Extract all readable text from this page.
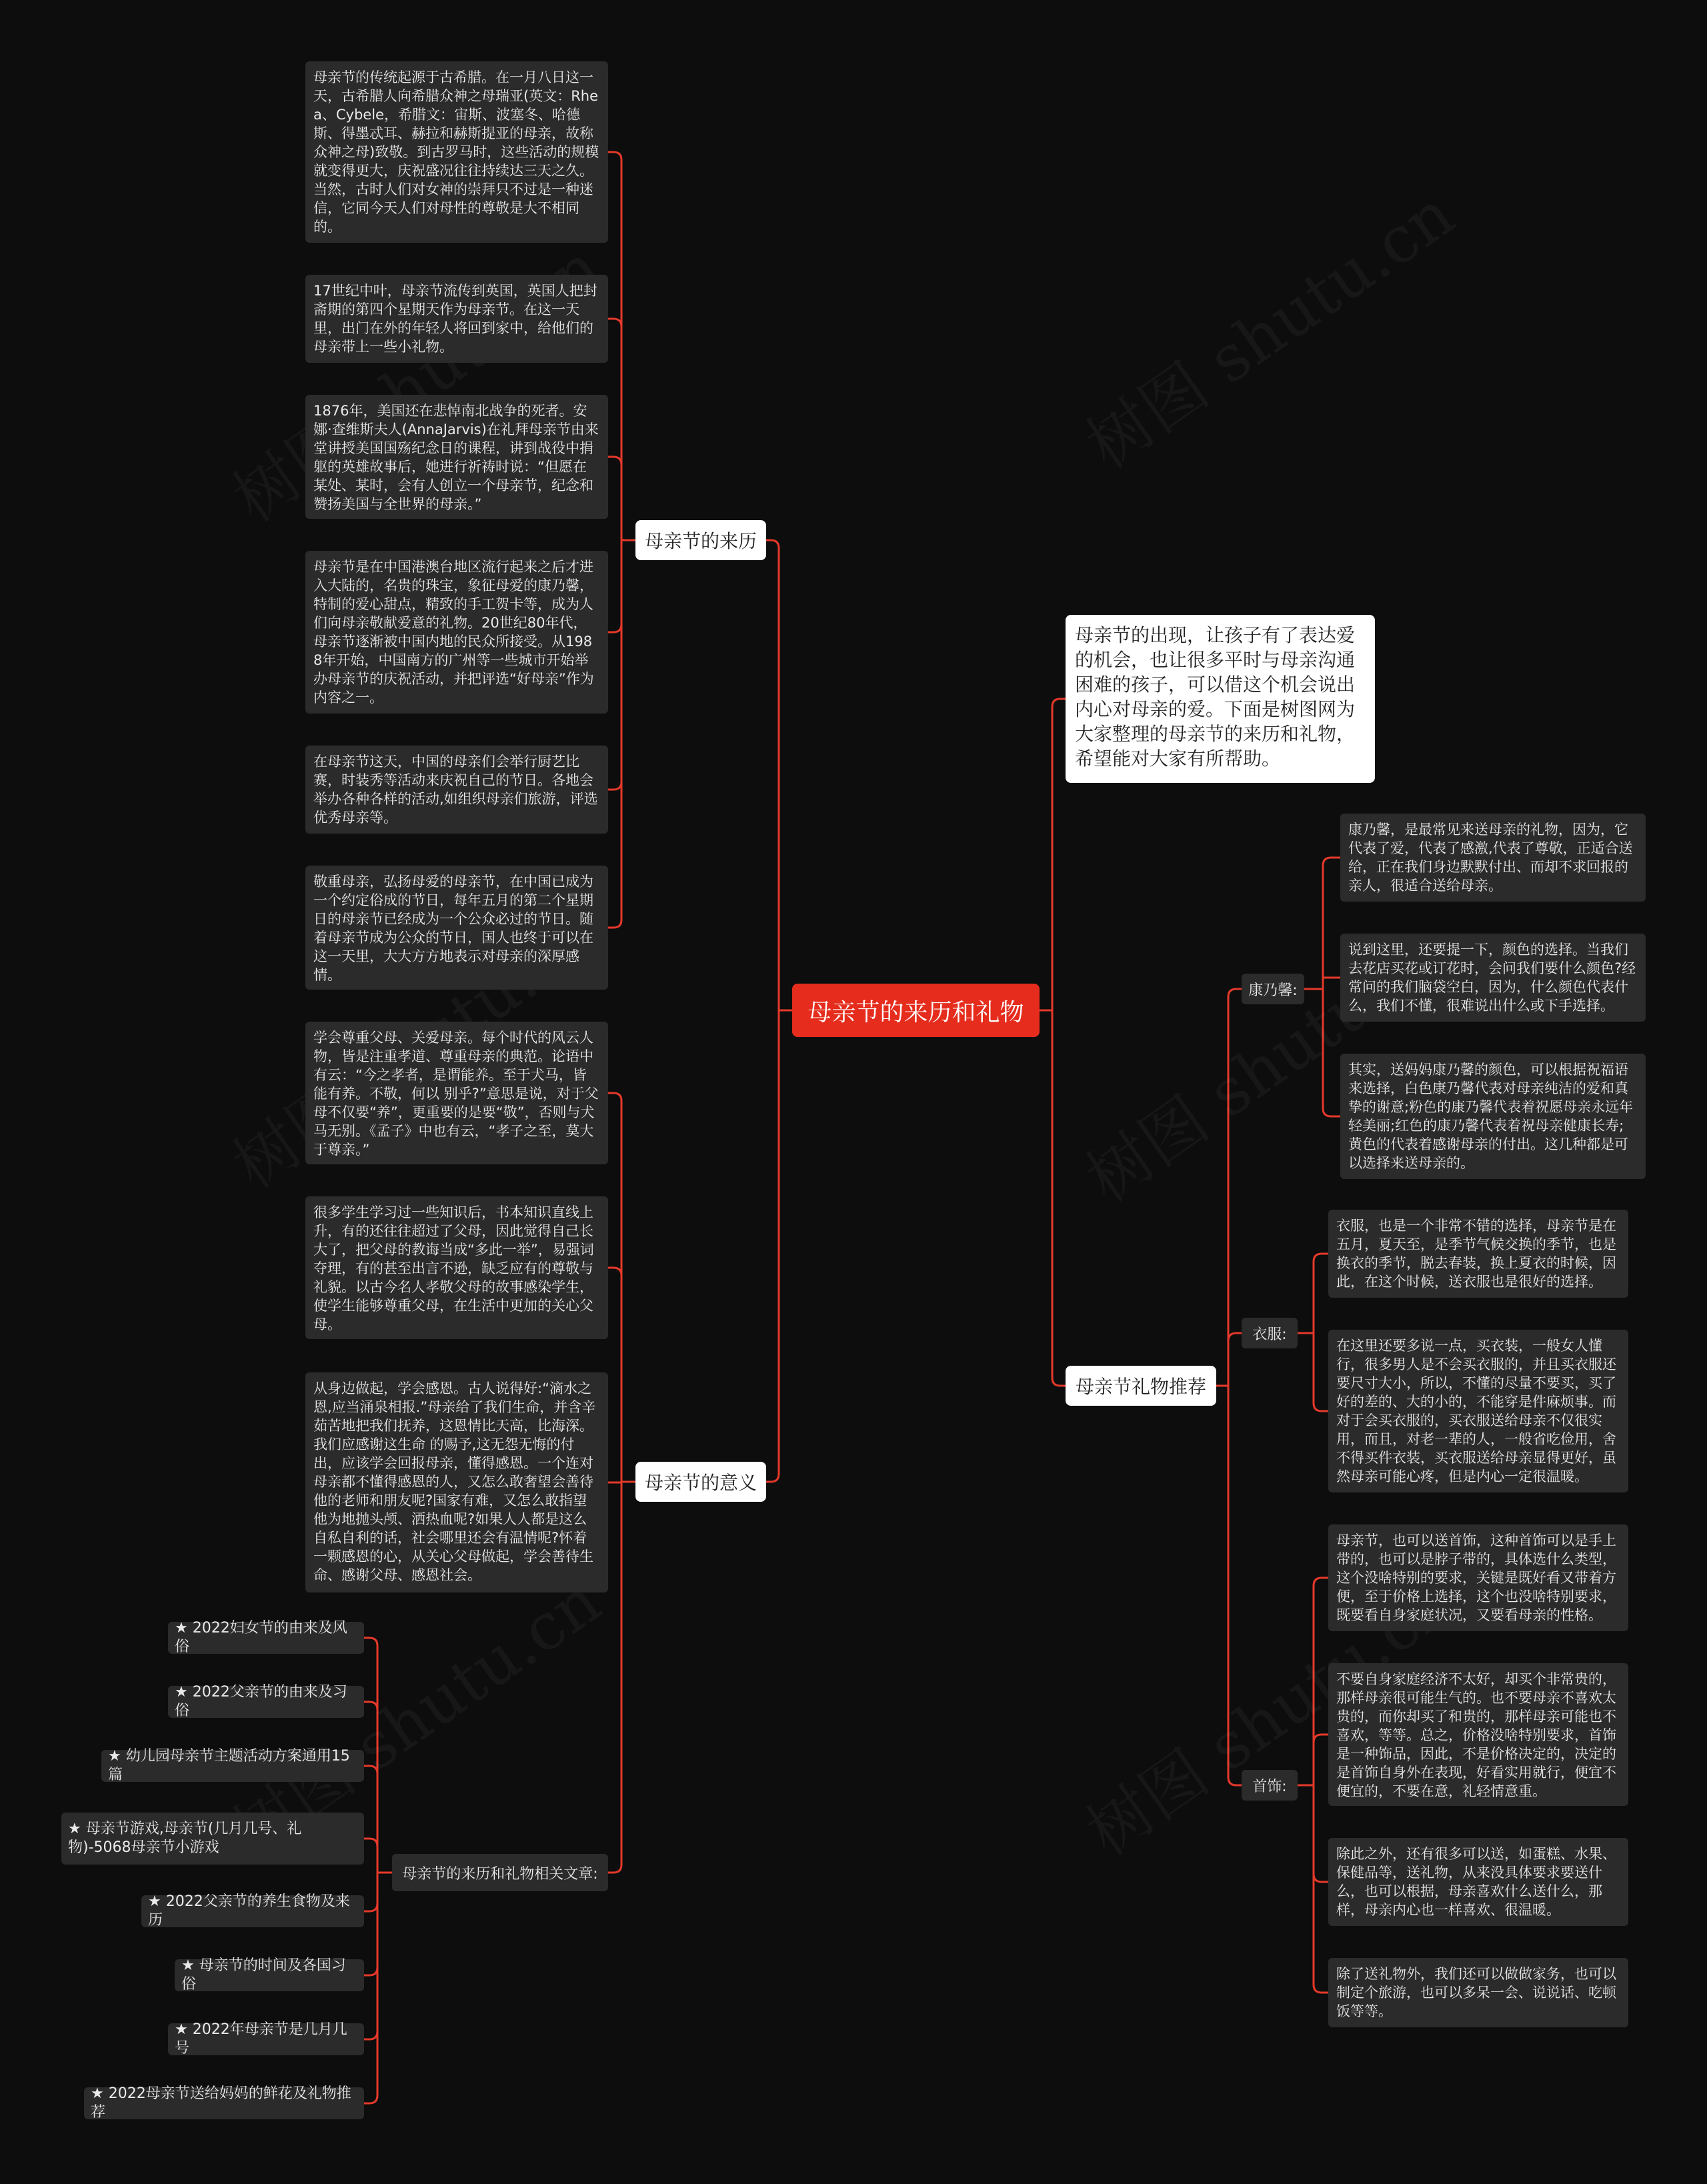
母亲节的来历和礼物
母亲节的出现，让孩子有了表达爱的机会，也让很多平时与母亲沟通困难的孩子，可以借这个机会说出内心对母亲的爱。下面是树图网为大家整理的母亲节的来历和礼物，希望能对大家有所帮助。
母亲节的来历
母亲节的意义
母亲节的传统起源于古希腊。在一月八日这一天，古希腊人向希腊众神之母瑞亚(英文：Rhea、Cybele，希腊文：宙斯、波塞冬、哈德斯、得墨忒耳、赫拉和赫斯提亚的母亲，故称众神之母)致敬。到古罗马时，这些活动的规模就变得更大，庆祝盛况往往持续达三天之久。当然，古时人们对女神的崇拜只不过是一种迷信，它同今天人们对母性的尊敬是大不相同的。
17世纪中叶，母亲节流传到英国，英国人把封斋期的第四个星期天作为母亲节。在这一天里，出门在外的年轻人将回到家中，给他们的母亲带上一些小礼物。
1876年，美国还在悲悼南北战争的死者。安娜·查维斯夫人(AnnaJarvis)在礼拜母亲节由来堂讲授美国国殇纪念日的课程，讲到战役中捐躯的英雄故事后，她进行祈祷时说：“但愿在某处、某时，会有人创立一个母亲节，纪念和赞扬美国与全世界的母亲。”
母亲节是在中国港澳台地区流行起来之后才进入大陆的，名贵的珠宝，象征母爱的康乃馨，特制的爱心甜点，精致的手工贺卡等，成为人们向母亲敬献爱意的礼物。20世纪80年代，母亲节逐渐被中国内地的民众所接受。从1988年开始，中国南方的广州等一些城市开始举办母亲节的庆祝活动，并把评选“好母亲”作为内容之一。
在母亲节这天，中国的母亲们会举行厨艺比赛，时装秀等活动来庆祝自己的节日。各地会举办各种各样的活动,如组织母亲们旅游，评选优秀母亲等。
敬重母亲，弘扬母爱的母亲节，在中国已成为一个约定俗成的节日，每年五月的第二个星期日的母亲节已经成为一个公众必过的节日。随着母亲节成为公众的节日，国人也终于可以在这一天里，大大方方地表示对母亲的深厚感情。
学会尊重父母、关爱母亲。每个时代的风云人物，皆是注重孝道、尊重母亲的典范。论语中有云：“今之孝者，是谓能养。至于犬马，皆能有养。不敬，何以 别乎?”意思是说，对于父母不仅要“养”，更重要的是要“敬”，否则与犬马无别。《孟子》中也有云，“孝子之至，莫大于尊亲。”
很多学生学习过一些知识后，书本知识直线上升，有的还往往超过了父母，因此觉得自己长大了，把父母的教诲当成“多此一举”，易强词夺理，有的甚至出言不逊，缺乏应有的尊敬与礼貌。以古今名人孝敬父母的故事感染学生，使学生能够尊重父母，在生活中更加的关心父母。
从身边做起，学会感恩。古人说得好:“滴水之恩,应当涌泉相报.”母亲给了我们生命，并含辛茹苦地把我们抚养，这恩情比天高，比海深。我们应感谢这生命 的赐予,这无怨无悔的付出，应该学会回报母亲，懂得感恩。一个连对母亲都不懂得感恩的人，又怎么敢奢望会善待他的老师和朋友呢?国家有难，又怎么敢指望他为地抛头颅、洒热血呢?如果人人都是这么自私自利的话，社会哪里还会有温情呢?怀着一颗感恩的心，从关心父母做起，学会善待生命、感谢父母、感恩社会。
母亲节的来历和礼物相关文章:
★ 2022妇女节的由来及风俗
★ 2022父亲节的由来及习俗
★ 幼儿园母亲节主题活动方案通用15篇
★ 母亲节游戏,母亲节(几月几号、礼物)-5068母亲节小游戏
★ 2022父亲节的养生食物及来历
★ 母亲节的时间及各国习俗
★ 2022年母亲节是几月几号
★ 2022母亲节送给妈妈的鲜花及礼物推荐
母亲节礼物推荐
康乃馨:
衣服:
首饰:
康乃馨，是最常见来送母亲的礼物，因为，它代表了爱，代表了感激,代表了尊敬，正适合送给，正在我们身边默默付出、而却不求回报的亲人，很适合送给母亲。
说到这里，还要提一下，颜色的选择。当我们去花店买花或订花时，会问我们要什么颜色?经常问的我们脑袋空白，因为，什么颜色代表什么，我们不懂，很难说出什么或下手选择。
其实，送妈妈康乃馨的颜色，可以根据祝福语来选择，白色康乃馨代表对母亲纯洁的爱和真挚的谢意;粉色的康乃馨代表着祝愿母亲永远年轻美丽;红色的康乃馨代表着祝母亲健康长寿;黄色的代表着感谢母亲的付出。这几种都是可以选择来送母亲的。
衣服，也是一个非常不错的选择，母亲节是在五月，夏天至，是季节气候交换的季节，也是换衣的季节，脱去春装，换上夏衣的时候，因此，在这个时候，送衣服也是很好的选择。
在这里还要多说一点，买衣装，一般女人懂行，很多男人是不会买衣服的，并且买衣服还要尺寸大小，所以，不懂的尽量不要买，买了好的差的、大的小的，不能穿是件麻烦事。而对于会买衣服的，买衣服送给母亲不仅很实用，而且，对老一辈的人，一般省吃俭用，舍不得买件衣装，买衣服送给母亲显得更好，虽然母亲可能心疼，但是内心一定很温暖。
母亲节，也可以送首饰，这种首饰可以是手上带的，也可以是脖子带的，具体选什么类型，这个没啥特别的要求，关键是既好看又带着方便，至于价格上选择，这个也没啥特别要求，既要看自身家庭状况，又要看母亲的性格。
不要自身家庭经济不太好，却买个非常贵的，那样母亲很可能生气的。也不要母亲不喜欢太贵的，而你却买了和贵的，那样母亲可能也不喜欢，等等。总之，价格没啥特别要求，首饰是一种饰品，因此，不是价格决定的，决定的是首饰自身外在表现，好看实用就行，便宜不便宜的，不要在意，礼轻情意重。
除此之外，还有很多可以送，如蛋糕、水果、保健品等，送礼物，从来没具体要求要送什么，也可以根据，母亲喜欢什么送什么，那样，母亲内心也一样喜欢、很温暖。
除了送礼物外，我们还可以做做家务，也可以制定个旅游，也可以多呆一会、说说话、吃顿饭等等。
